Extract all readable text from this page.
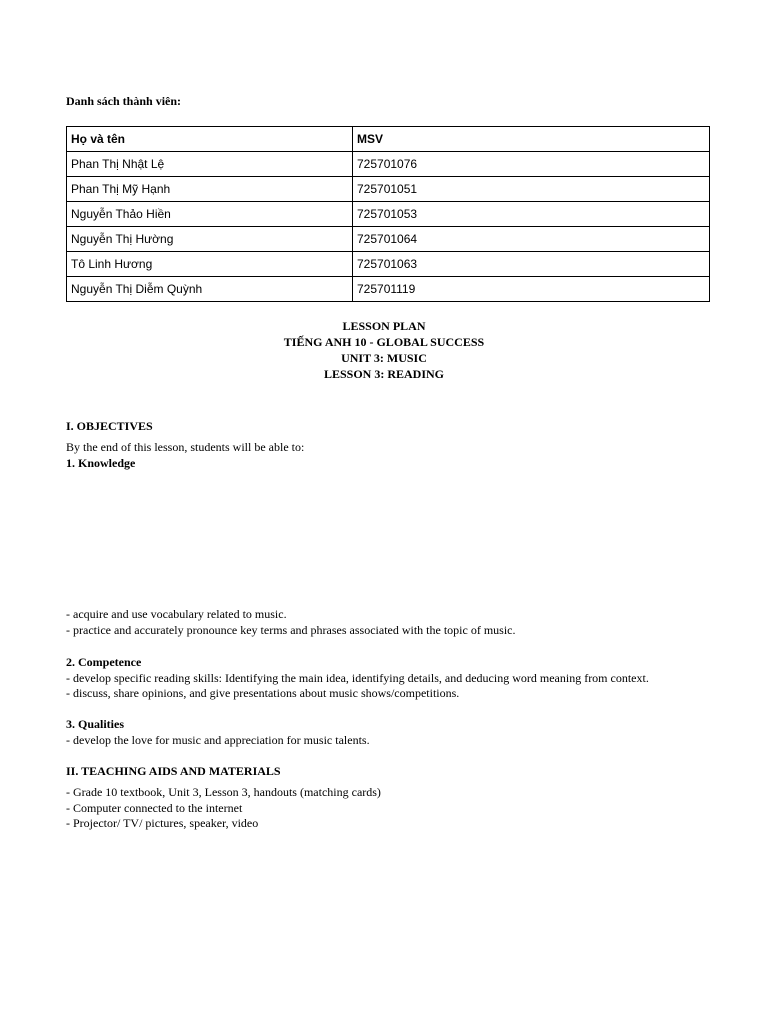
Danh sách thành viên:
Họ và tên	MSV
Phan Thị Nhật Lệ	725701076
Phan Thị Mỹ Hạnh	725701051
Nguyễn Thảo Hiền	725701053
Nguyễn Thị Hường	725701064
Tô Linh Hương	725701063
Nguyễn Thị Diễm Quỳnh	725701119
LESSON PLAN
TIẾNG ANH 10 - GLOBAL SUCCESS
UNIT 3: MUSIC
LESSON 3: READING
I. OBJECTIVES
By the end of this lesson, students will be able to:
1. Knowledge
- acquire and use vocabulary related to music.
- practice and accurately pronounce key terms and phrases associated with the topic of music.
2. Competence
- develop specific reading skills: Identifying the main idea, identifying details, and deducing word meaning from context.
- discuss, share opinions, and give presentations about music shows/competitions.
3. Qualities
- develop the love for music and appreciation for music talents.
II. TEACHING AIDS AND MATERIALS
- Grade 10 textbook, Unit 3, Lesson 3, handouts (matching cards)
- Computer connected to the internet
- Projector/ TV/ pictures, speaker, video
